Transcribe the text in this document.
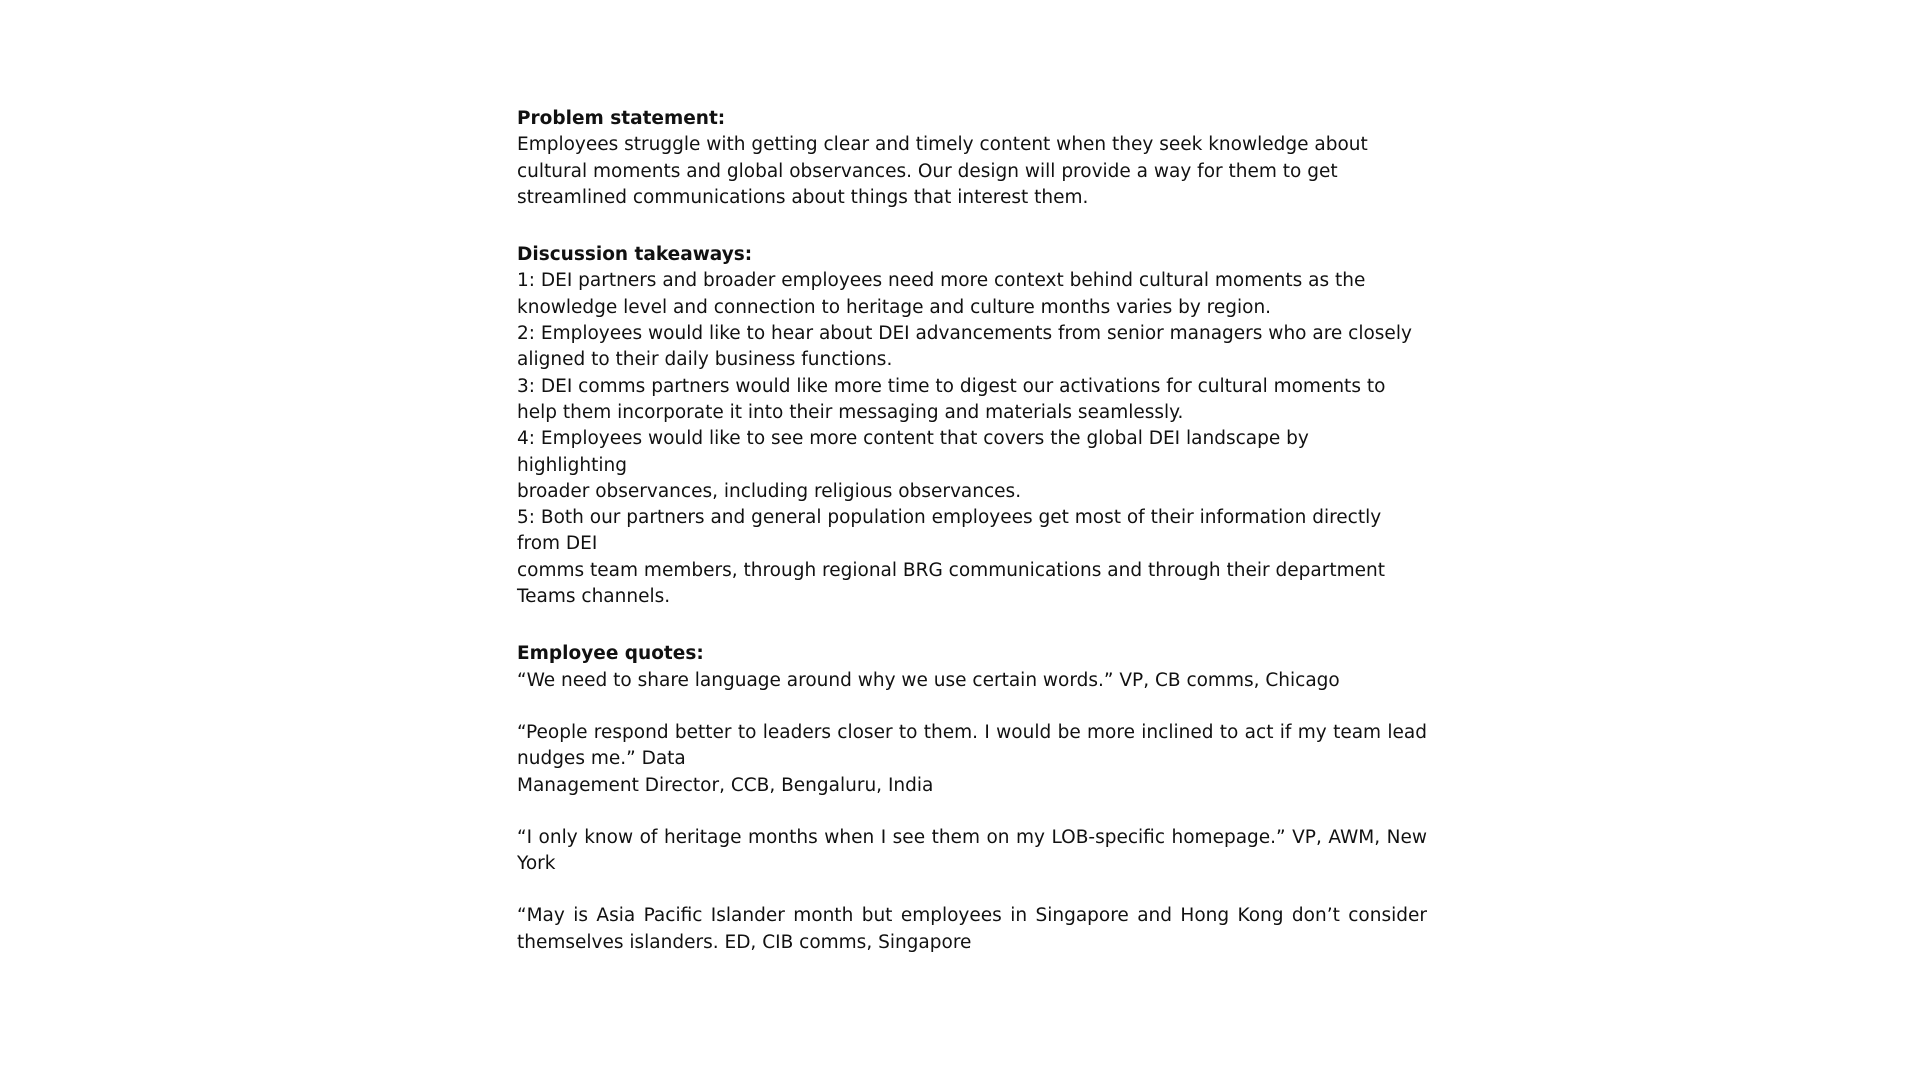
Problem statement:
Employees struggle with getting clear and timely content when they seek knowledge about
cultural moments and global observances. Our design will provide a way for them to get
streamlined communications about things that interest them.
Discussion takeaways:
1: DEI partners and broader employees need more context behind cultural moments as the
knowledge level and connection to heritage and culture months varies by region.
2: Employees would like to hear about DEI advancements from senior managers who are closely
aligned to their daily business functions.
3: DEI comms partners would like more time to digest our activations for cultural moments to
help them incorporate it into their messaging and materials seamlessly.
4: Employees would like to see more content that covers the global DEI landscape by
highlighting
broader observances, including religious observances.
5: Both our partners and general population employees get most of their information directly
from DEI
comms team members, through regional BRG communications and through their department
Teams channels.
Employee quotes:
“We need to share language around why we use certain words.” VP, CB comms, Chicago
“People respond better to leaders closer to them. I would be more inclined to act if my team lead nudges me.” Data
Management Director, CCB, Bengaluru, India
“I only know of heritage months when I see them on my LOB-specific homepage.” VP, AWM, New York
“May is Asia Pacific Islander month but employees in Singapore and Hong Kong don’t consider themselves islanders. ED, CIB comms, Singapore
